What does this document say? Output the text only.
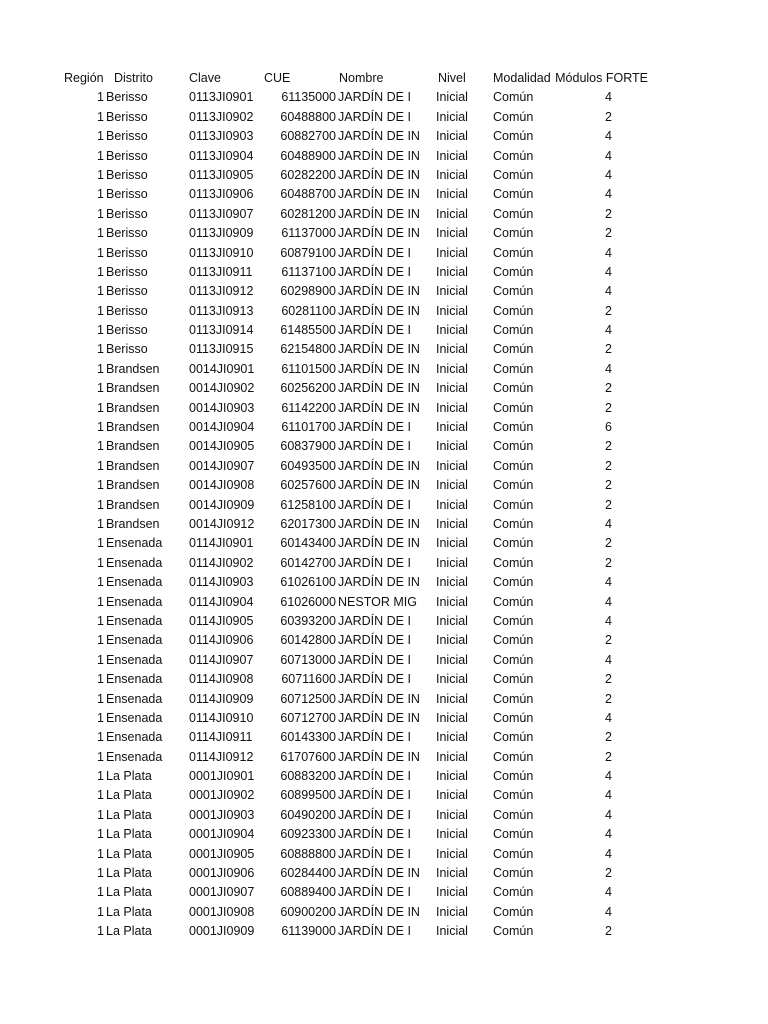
Región Distrito	Clave	CUE	Nombre	Nivel	Modalidad Módulos FORTE
1 Berisso	0113JI0901	61135000 JARDÍN DE I	Inicial	Común	4
1 Berisso	0113JI0902	60488800 JARDÍN DE I	Inicial	Común	2
1 Berisso	0113JI0903	60882700 JARDÍN DE IN Inicial	Común	4
1 Berisso	0113JI0904	60488900 JARDÍN DE IN Inicial	Común	4
1 Berisso	0113JI0905	60282200 JARDÍN DE IN Inicial	Común	4
1 Berisso	0113JI0906	60488700 JARDÍN DE IN Inicial	Común	4
1 Berisso	0113JI0907	60281200 JARDÍN DE IN Inicial	Común	2
1 Berisso	0113JI0909	61137000 JARDÍN DE IN Inicial	Común	2
1 Berisso	0113JI0910	60879100 JARDÍN DE I	Inicial	Común	4
1 Berisso	0113JI0911	61137100 JARDÍN DE I	Inicial	Común	4
1 Berisso	0113JI0912	60298900 JARDÍN DE IN Inicial	Común	4
1 Berisso	0113JI0913	60281100 JARDÍN DE IN Inicial	Común	2
1 Berisso	0113JI0914	61485500 JARDÍN DE I	Inicial	Común	4
1 Berisso	0113JI0915	62154800 JARDÍN DE IN Inicial	Común	2
1 Brandsen	0014JI0901	61101500 JARDÍN DE IN Inicial	Común	4
1 Brandsen	0014JI0902	60256200 JARDÍN DE IN Inicial	Común	2
1 Brandsen	0014JI0903	61142200 JARDÍN DE IN Inicial	Común	2
1 Brandsen	0014JI0904	61101700 JARDÍN DE I	Inicial	Común	6
1 Brandsen	0014JI0905	60837900 JARDÍN DE I	Inicial	Común	2
1 Brandsen	0014JI0907	60493500 JARDÍN DE IN Inicial	Común	2
1 Brandsen	0014JI0908	60257600 JARDÍN DE IN Inicial	Común	2
1 Brandsen	0014JI0909	61258100 JARDÍN DE I	Inicial	Común	2
1 Brandsen	0014JI0912	62017300 JARDÍN DE IN Inicial	Común	4
1 Ensenada	0114JI0901	60143400 JARDÍN DE IN Inicial	Común	2
1 Ensenada	0114JI0902	60142700 JARDÍN DE I	Inicial	Común	2
1 Ensenada	0114JI0903	61026100 JARDÍN DE IN Inicial	Común	4
1 Ensenada	0114JI0904	61026000 NESTOR MIG Inicial	Común	4
1 Ensenada	0114JI0905	60393200 JARDÍN DE I	Inicial	Común	4
1 Ensenada	0114JI0906	60142800 JARDÍN DE I	Inicial	Común	2
1 Ensenada	0114JI0907	60713000 JARDÍN DE I	Inicial	Común	4
1 Ensenada	0114JI0908	60711600 JARDÍN DE I	Inicial	Común	2
1 Ensenada	0114JI0909	60712500 JARDÍN DE IN Inicial	Común	2
1 Ensenada	0114JI0910	60712700 JARDÍN DE IN Inicial	Común	4
1 Ensenada	0114JI0911	60143300 JARDÍN DE I	Inicial	Común	2
1 Ensenada	0114JI0912	61707600 JARDÍN DE IN Inicial	Común	2
1 La Plata	0001JI0901	60883200 JARDÍN DE I	Inicial	Común	4
1 La Plata	0001JI0902	60899500 JARDÍN DE I	Inicial	Común	4
1 La Plata	0001JI0903	60490200 JARDÍN DE I	Inicial	Común	4
1 La Plata	0001JI0904	60923300 JARDÍN DE I	Inicial	Común	4
1 La Plata	0001JI0905	60888800 JARDÍN DE I	Inicial	Común	4
1 La Plata	0001JI0906	60284400 JARDÍN DE IN Inicial	Común	2
1 La Plata	0001JI0907	60889400 JARDÍN DE I	Inicial	Común	4
1 La Plata	0001JI0908	60900200 JARDÍN DE IN Inicial	Común	4
1 La Plata	0001JI0909	61139000 JARDÍN DE I	Inicial	Común	2
